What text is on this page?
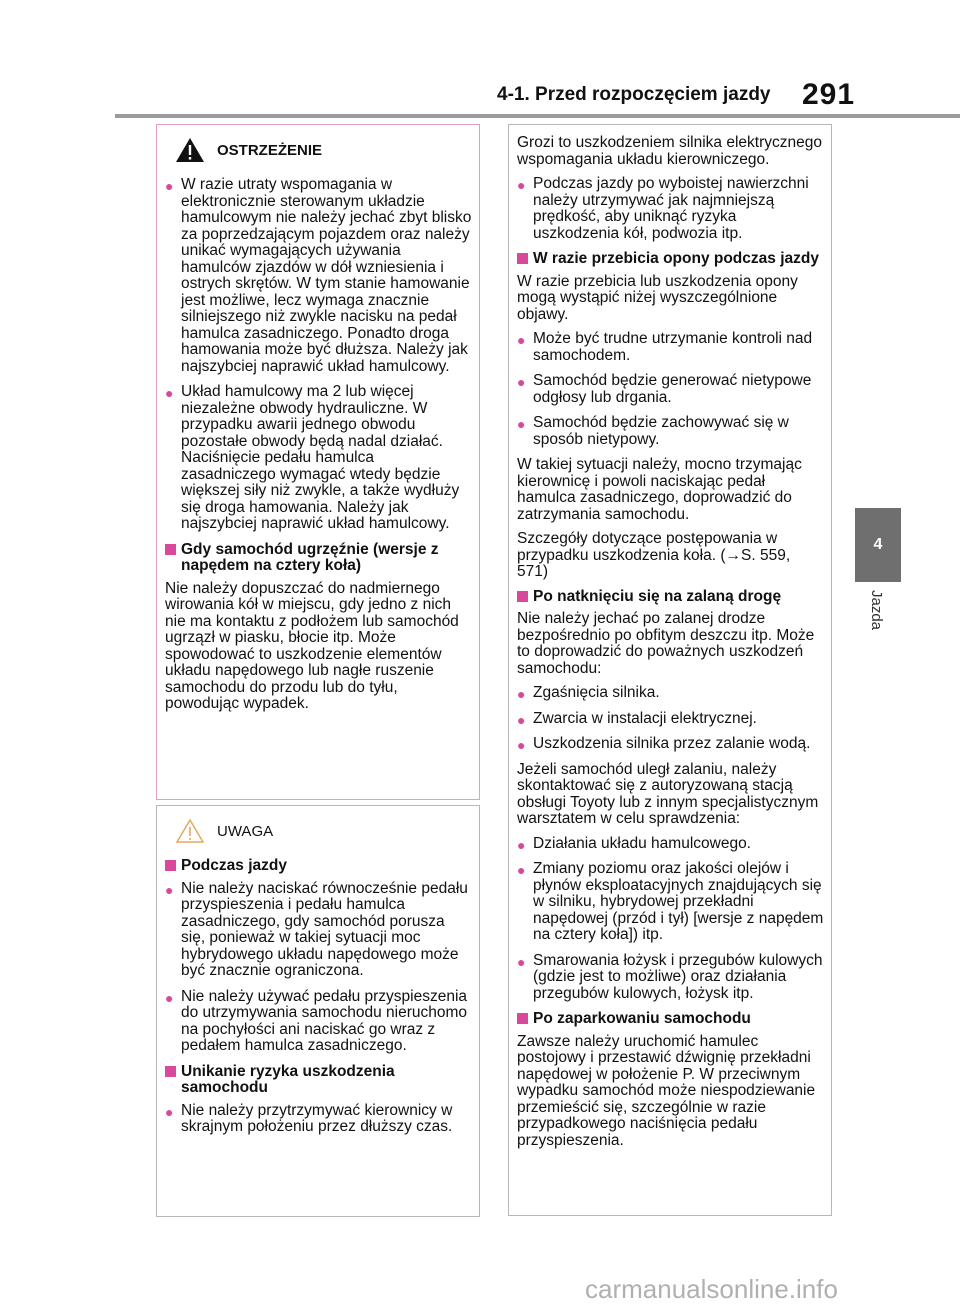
4-1. Przed rozpoczęciem jazdy 291
4
Jazda
OSTRZEŻENIE
● W razie utraty wspomagania w elektronicznie sterowanym układzie hamulcowym nie należy jechać zbyt blisko za poprzedzającym pojazdem oraz należy unikać wymagających używania hamulców zjazdów w dół wzniesienia i ostrych skrętów. W tym stanie hamowanie jest możliwe, lecz wymaga znacznie silniejszego niż zwykle nacisku na pedał hamulca zasadniczego. Ponadto droga hamowania może być dłuższa. Należy jak najszybciej naprawić układ hamulcowy.
● Układ hamulcowy ma 2 lub więcej niezależne obwody hydrauliczne. W przypadku awarii jednego obwodu pozostałe obwody będą nadal działać. Naciśnięcie pedału hamulca zasadniczego wymagać wtedy będzie większej siły niż zwykle, a także wydłuży się droga hamowania. Należy jak najszybciej naprawić układ hamulcowy.
Gdy samochód ugrzęźnie (wersje z napędem na cztery koła)
Nie należy dopuszczać do nadmiernego wirowania kół w miejscu, gdy jedno z nich nie ma kontaktu z podłożem lub samochód ugrzązł w piasku, błocie itp. Może spowodować to uszkodzenie elementów układu napędowego lub nagłe ruszenie samochodu do przodu lub do tyłu, powodując wypadek.
UWAGA
Podczas jazdy
● Nie należy naciskać równocześnie pedału przyspieszenia i pedału hamulca zasadniczego, gdy samochód porusza się, ponieważ w takiej sytuacji moc hybrydowego układu napędowego może być znacznie ograniczona.
● Nie należy używać pedału przyspieszenia do utrzymywania samochodu nieruchomo na pochyłości ani naciskać go wraz z pedałem hamulca zasadniczego.
Unikanie ryzyka uszkodzenia samochodu
● Nie należy przytrzymywać kierownicy w skrajnym położeniu przez dłuższy czas.
Grozi to uszkodzeniem silnika elektrycznego wspomagania układu kierowniczego.
● Podczas jazdy po wyboistej nawierzchni należy utrzymywać jak najmniejszą prędkość, aby uniknąć ryzyka uszkodzenia kół, podwozia itp.
W razie przebicia opony podczas jazdy
W razie przebicia lub uszkodzenia opony mogą wystąpić niżej wyszczególnione objawy.
● Może być trudne utrzymanie kontroli nad samochodem.
● Samochód będzie generować nietypowe odgłosy lub drgania.
● Samochód będzie zachowywać się w sposób nietypowy.
W takiej sytuacji należy, mocno trzymając kierownicę i powoli naciskając pedał hamulca zasadniczego, doprowadzić do zatrzymania samochodu.
Szczegóły dotyczące postępowania w przypadku uszkodzenia koła. (→S. 559, 571)
Po natknięciu się na zalaną drogę
Nie należy jechać po zalanej drodze bezpośrednio po obfitym deszczu itp. Może to doprowadzić do poważnych uszkodzeń samochodu:
● Zgaśnięcia silnika.
● Zwarcia w instalacji elektrycznej.
● Uszkodzenia silnika przez zalanie wodą.
Jeżeli samochód uległ zalaniu, należy skontaktować się z autoryzowaną stacją obsługi Toyoty lub z innym specjalistycznym warsztatem w celu sprawdzenia:
● Działania układu hamulcowego.
● Zmiany poziomu oraz jakości olejów i płynów eksploatacyjnych znajdujących się w silniku, hybrydowej przekładni napędowej (przód i tył) [wersje z napędem na cztery koła]) itp.
● Smarowania łożysk i przegubów kulowych (gdzie jest to możliwe) oraz działania przegubów kulowych, łożysk itp.
Po zaparkowaniu samochodu
Zawsze należy uruchomić hamulec postojowy i przestawić dźwignię przekładni napędowej w położenie P. W przeciwnym wypadku samochód może niespodziewanie przemieścić się, szczególnie w razie przypadkowego naciśnięcia pedału przyspieszenia.
carmanualsonline.info
